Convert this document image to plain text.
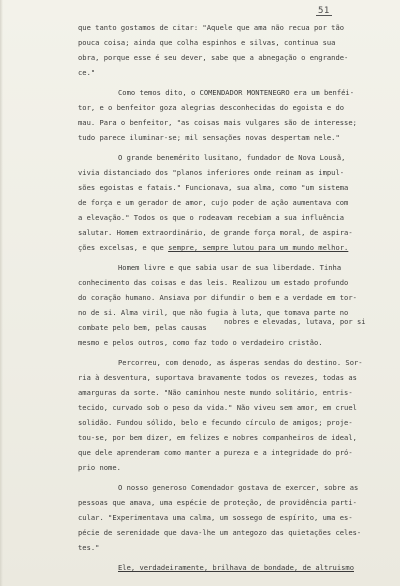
51
que tanto gostamos de citar: "Aquele que ama não recua por tão
pouca coisa; ainda que colha espinhos e silvas, continua sua
obra, porque esse é seu dever, sabe que a abnegação o engrande-
ce."
Como temos dito, o COMENDADOR MONTENEGRO era um benféi-
tor, e o benfeitor goza alegrias desconhecidas do egoista e do
mau. Para o benfeitor, "as coisas mais vulgares são de interesse;
tudo parece iluminar-se; mil sensações novas despertam nele."
O grande benemérito lusitano, fundador de Nova Lousã,
vivia distanciado dos "planos inferiores onde reinam as impul-
sões egoistas e fatais." Funcionava, sua alma, como "um sistema
de força e um gerador de amor, cujo poder de ação aumentava com
a elevação." Todos os que o rodeavam recebiam a sua influência
salutar. Homem extraordinário, de grande força moral, de aspira-
ções excelsas, e que sempre, sempre lutou para um mundo melhor.
Homem livre e que sabia usar de sua liberdade. Tinha
conhecimento das coisas e das leis. Realizou um estado profundo
do coração humano. Ansiava por difundir o bem e a verdade em tor-
no de si. Alma viril, que não fugia à luta, que tomava parte no
nobres e elevadas, lutava, por si
combate pelo bem, pelas causas
mesmo e pelos outros, como faz todo o verdadeiro cristão.
Percorreu, com denodo, as ásperas sendas do destino. Sor-
ria à desventura, suportava bravamente todos os revezes, todas as
amarguras da sorte. "Não caminhou neste mundo solitário, entris-
tecido, curvado sob o peso da vida." Não viveu sem amor, em cruel
solidão. Fundou sólido, belo e fecundo círculo de amigos; proje-
tou-se, por bem dizer, em felizes e nobres companheiros de ideal,
que dele aprenderam como manter a pureza e a integridade do pró-
prio nome.
O nosso generoso Comendador gostava de exercer, sobre as
pessoas que amava, uma espécie de proteção, de providência parti-
cular. "Experimentava uma calma, um sossego de espírito, uma es-
pécie de serenidade que dava-lhe um antegozo das quietações celes-
tes."
Ele, verdadeiramente, brilhava de bondade, de altruismo
